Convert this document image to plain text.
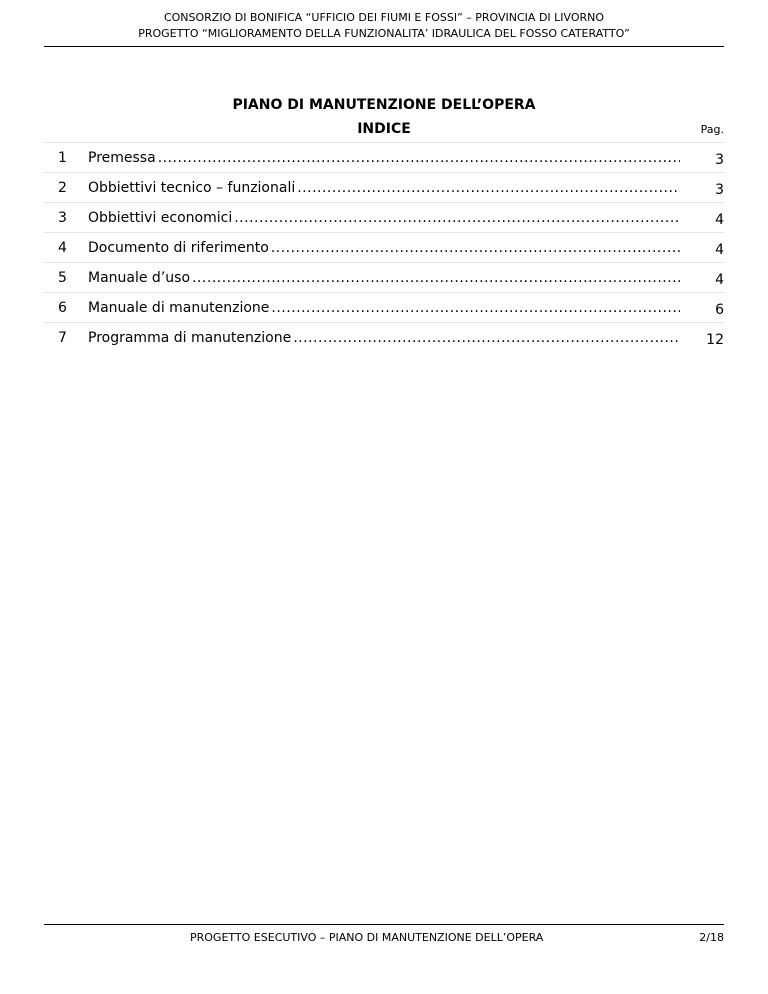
CONSORZIO DI BONIFICA “UFFICIO DEI FIUMI E FOSSI” – PROVINCIA DI LIVORNO
PROGETTO “MIGLIORAMENTO DELLA FUNZIONALITA’ IDRAULICA DEL FOSSO CATERATTO”
PIANO DI MANUTENZIONE DELL’OPERA
INDICE	Pag.
1 Premessa .....	3
2 Obbiettivi tecnico – funzionali .....	3
3 Obbiettivi economici .....	4
4 Documento di riferimento .....	4
5 Manuale d’uso .....	4
6 Manuale di manutenzione .....	6
7 Programma di manutenzione .....	12
PROGETTO ESECUTIVO – PIANO DI MANUTENZIONE DELL’OPERA	2/18
